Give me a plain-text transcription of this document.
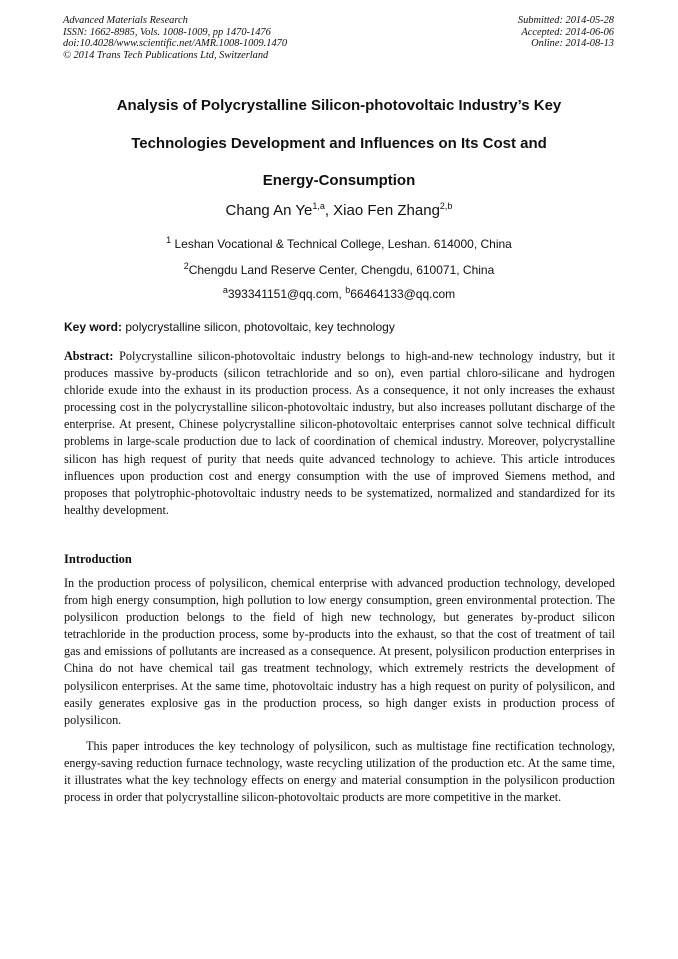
Advanced Materials Research
ISSN: 1662-8985, Vols. 1008-1009, pp 1470-1476
doi:10.4028/www.scientific.net/AMR.1008-1009.1470
© 2014 Trans Tech Publications Ltd, Switzerland
Submitted: 2014-05-28
Accepted: 2014-06-06
Online: 2014-08-13
Analysis of Polycrystalline Silicon-photovoltaic Industry’s Key
Technologies Development and Influences on Its Cost and
Energy-Consumption
Chang An Ye$^{1,a}$, Xiao Fen Zhang$^{2,b}$
$^1$ Leshan Vocational & Technical College, Leshan. 614000, China
$^2$Chengdu Land Reserve Center, Chengdu, 610071, China
$^a$393341151@qq.com, $^b$66464133@qq.com
Key word: polycrystalline silicon, photovoltaic, key technology
Abstract: Polycrystalline silicon-photovoltaic industry belongs to high-and-new technology industry, but it produces massive by-products (silicon tetrachloride and so on), even partial chloro-silicane and hydrogen chloride exude into the exhaust in its production process. As a consequence, it not only increases the exhaust processing cost in the polycrystalline silicon-photovoltaic industry, but also increases pollutant discharge of the enterprise. At present, Chinese polycrystalline silicon-photovoltaic enterprises cannot solve technical difficult problems in large-scale production due to lack of coordination of chemical industry. Moreover, polycrystalline silicon has high request of purity that needs quite advanced technology to achieve. This article introduces influences upon production cost and energy consumption with the use of improved Siemens method, and proposes that polytrophic-photovoltaic industry needs to be systematized, normalized and standardized for its healthy development.
Introduction
In the production process of polysilicon, chemical enterprise with advanced production technology, developed from high energy consumption, high pollution to low energy consumption, green environmental protection. The polysilicon production belongs to the field of high new technology, but generates by-product silicon tetrachloride in the production process, some by-products into the exhaust, so that the cost of treatment of tail gas and emissions of pollutants are increased as a consequence. At present, polysilicon production enterprises in China do not have chemical tail gas treatment technology, which extremely restricts the development of polysilicon enterprises. At the same time, photovoltaic industry has a high request on purity of polysilicon, and easily generates explosive gas in the production process, so high danger exists in production process of polysilicon.
This paper introduces the key technology of polysilicon, such as multistage fine rectification technology, energy-saving reduction furnace technology, waste recycling utilization of the production etc. At the same time, it illustrates what the key technology effects on energy and material consumption in the polysilicon production process in order that polycrystalline silicon-photovoltaic products are more competitive in the market.
